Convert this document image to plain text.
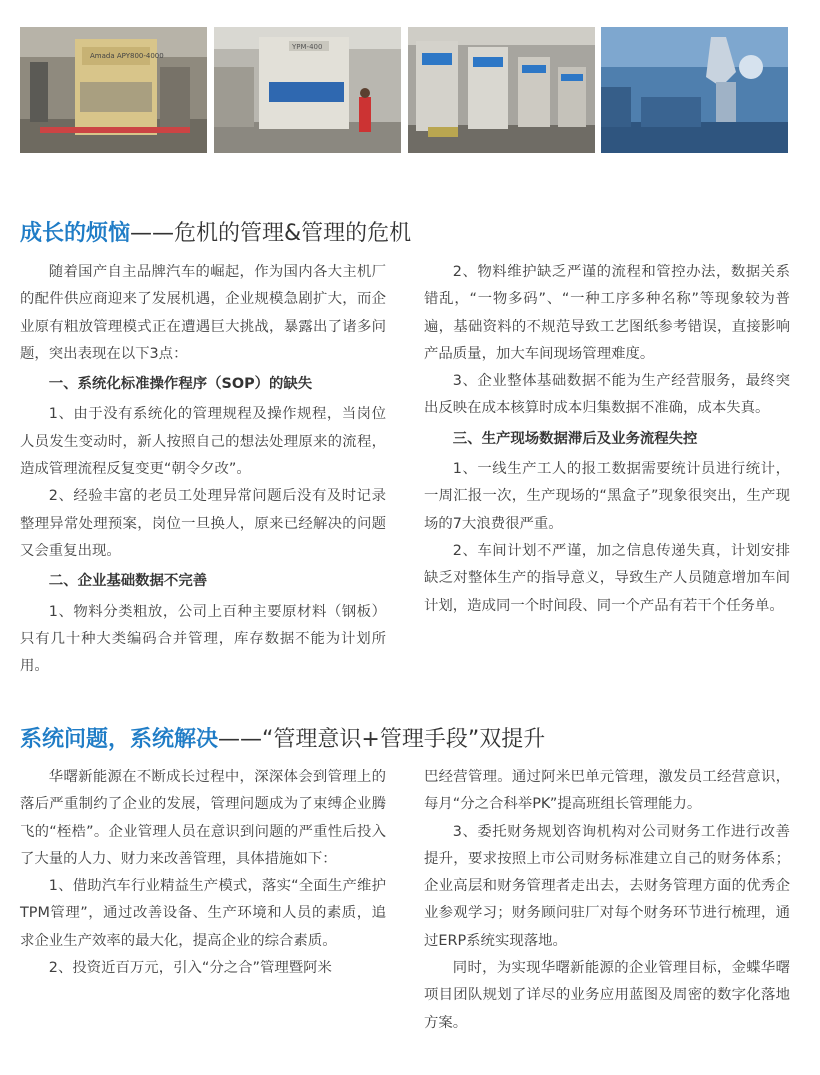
Amada APY800-4000
YPM-400
成长的烦恼——危机的管理&管理的危机

随着国产自主品牌汽车的崛起，作为国内各大主机厂的配件供应商迎来了发展机遇，企业规模急剧扩大，而企业原有粗放管理模式正在遭遇巨大挑战，暴露出了诸多问题，突出表现在以下3点：

一、系统化标准操作程序（SOP）的缺失

1、由于没有系统化的管理规程及操作规程，当岗位人员发生变动时，新人按照自己的想法处理原来的流程，造成管理流程反复变更“朝令夕改”。

2、经验丰富的老员工处理异常问题后没有及时记录整理异常处理预案，岗位一旦换人，原来已经解决的问题又会重复出现。

二、企业基础数据不完善

1、物料分类粗放，公司上百种主要原材料（钢板）只有几十种大类编码合并管理，库存数据不能为计划所用。

2、物料维护缺乏严谨的流程和管控办法，数据关系错乱，“一物多码”、“一种工序多种名称”等现象较为普遍，基础资料的不规范导致工艺图纸参考错误，直接影响产品质量，加大车间现场管理难度。

3、企业整体基础数据不能为生产经营服务，最终突出反映在成本核算时成本归集数据不准确，成本失真。

三、生产现场数据滞后及业务流程失控

1、一线生产工人的报工数据需要统计员进行统计，一周汇报一次，生产现场的“黑盒子”现象很突出，生产现场的7大浪费很严重。

2、车间计划不严谨，加之信息传递失真，计划安排缺乏对整体生产的指导意义，导致生产人员随意增加车间计划，造成同一个时间段、同一个产品有若干个任务单。

系统问题，系统解决——“管理意识+管理手段”双提升

华曙新能源在不断成长过程中，深深体会到管理上的落后严重制约了企业的发展，管理问题成为了束缚企业腾飞的“桎梏”。企业管理人员在意识到问题的严重性后投入了大量的人力、财力来改善管理，具体措施如下：

1、借助汽车行业精益生产模式，落实“全面生产维护TPM管理”，通过改善设备、生产环境和人员的素质，追求企业生产效率的最大化，提高企业的综合素质。

2、投资近百万元，引入“分之合”管理暨阿米

巴经营管理。通过阿米巴单元管理，激发员工经营意识，每月“分之合科举PK”提高班组长管理能力。

3、委托财务规划咨询机构对公司财务工作进行改善提升，要求按照上市公司财务标准建立自己的财务体系；企业高层和财务管理者走出去，去财务管理方面的优秀企业参观学习；财务顾问驻厂对每个财务环节进行梳理，通过ERP系统实现落地。

同时，为实现华曙新能源的企业管理目标，金蝶华曙项目团队规划了详尽的业务应用蓝图及周密的数字化落地方案。
